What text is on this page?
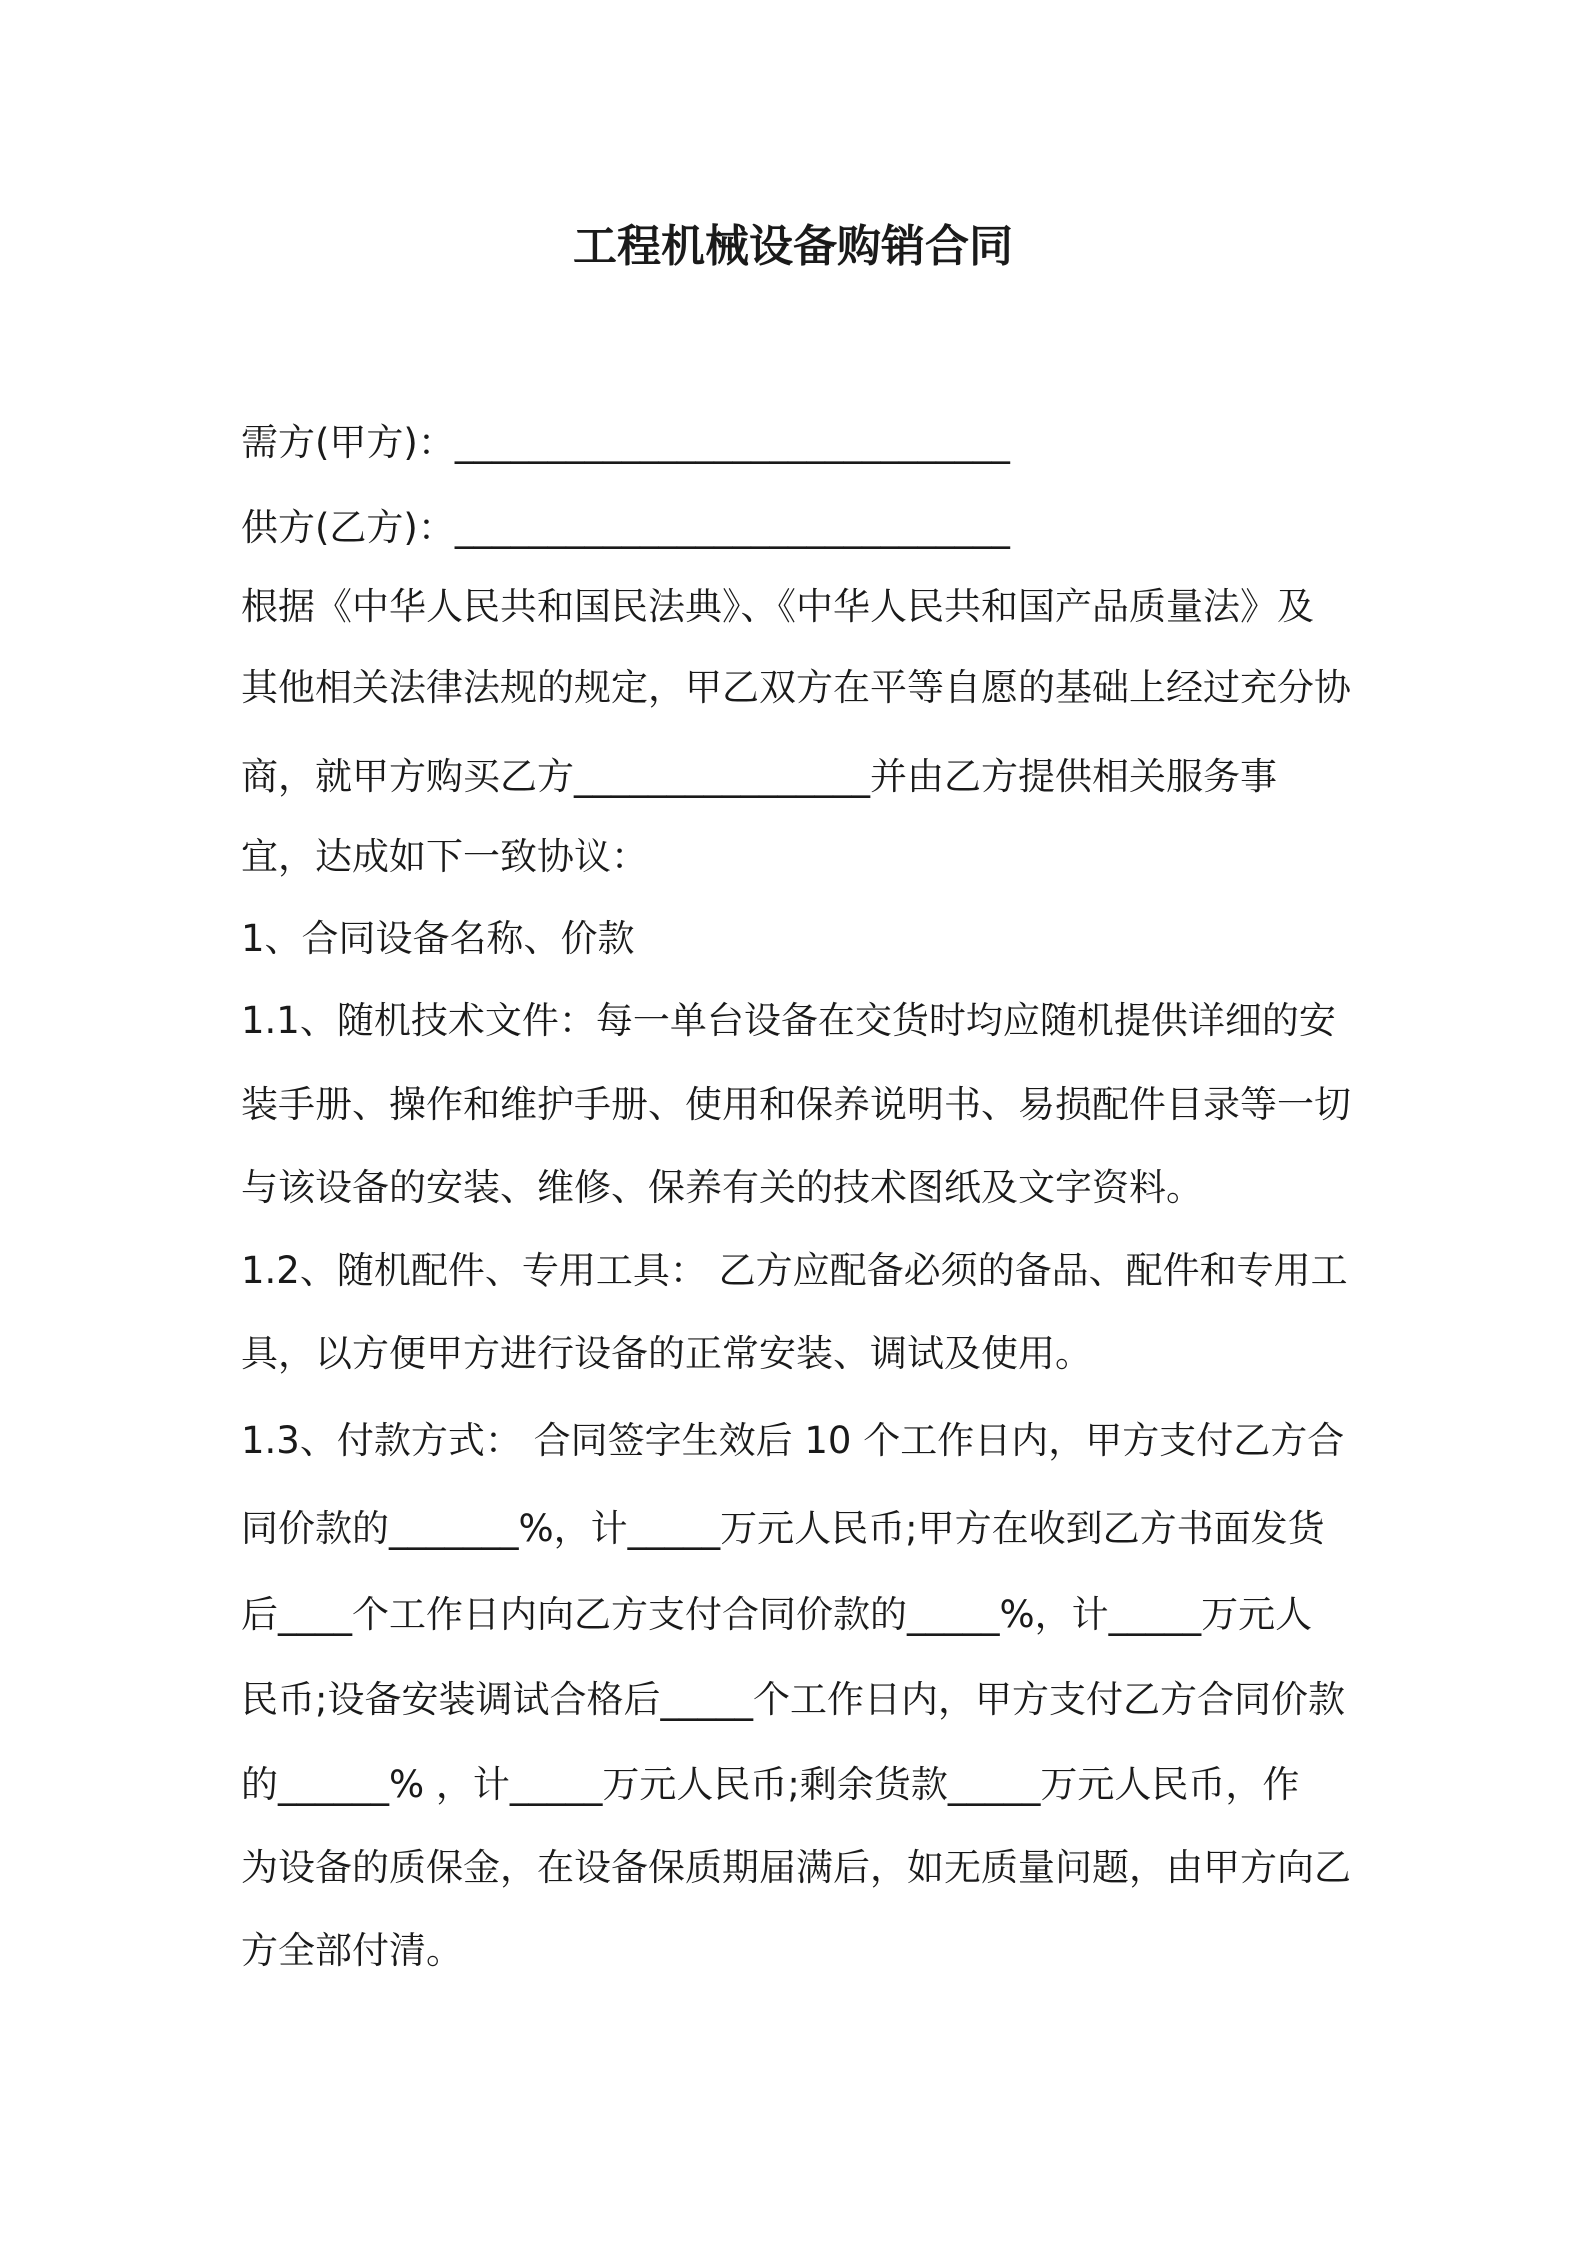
工程机械设备购销合同
需方(甲方)：______________________________
供方(乙方)：______________________________
根据《中华人民共和国民法典》、《中华人民共和国产品质量法》及
其他相关法律法规的规定，甲乙双方在平等自愿的基础上经过充分协
商，就甲方购买乙方________________并由乙方提供相关服务事
宜，达成如下一致协议：
1、合同设备名称、价款
1.1、随机技术文件：每一单台设备在交货时均应随机提供详细的安
装手册、操作和维护手册、使用和保养说明书、易损配件目录等一切
与该设备的安装、维修、保养有关的技术图纸及文字资料。
1.2、随机配件、专用工具： 乙方应配备必须的备品、配件和专用工
具，以方便甲方进行设备的正常安装、调试及使用。
1.3、付款方式： 合同签字生效后 10 个工作日内，甲方支付乙方合
同价款的_______%，计_____万元人民币;甲方在收到乙方书面发货
后____个工作日内向乙方支付合同价款的_____%，计_____万元人
民币;设备安装调试合格后_____个工作日内，甲方支付乙方合同价款
的______% ，计_____万元人民币;剩余货款_____万元人民币，作
为设备的质保金，在设备保质期届满后，如无质量问题，由甲方向乙
方全部付清。
